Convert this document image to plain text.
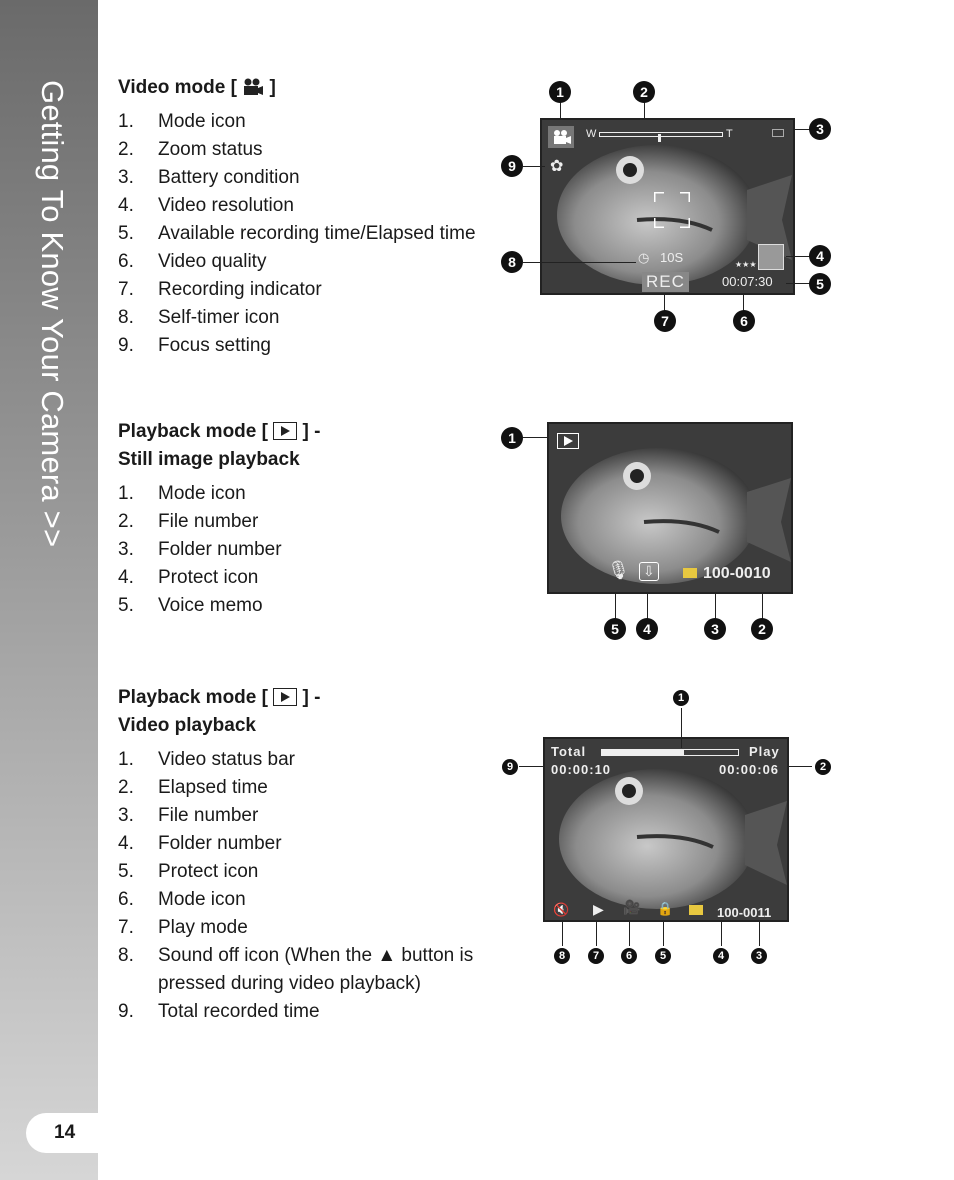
Getting To Know Your Camera >>
14
Video mode [  ]
1. Mode icon
2. Zoom status
3. Battery condition
4. Video resolution
5. Available recording time/Elapsed time
6. Video quality
7. Recording indicator
8. Self-timer icon
9. Focus setting
W	T
✿
◷ 10S	★★★
REC	00:07:30
1	2
3
9
8	4
5
7	6
Playback mode [  ] -
Still image playback
1. Mode icon
2. File number
3. Folder number
4. Protect icon
5. Voice memo
🎙 ⇩	100-0010
1
5	4	3	2
Playback mode [  ] -
Video playback
1. Video status bar
2. Elapsed time
3. File number
4. Folder number
5. Protect icon
6. Mode icon
7. Play mode
8. Sound off icon (When the ▲ button is pressed during video playback)
9. Total recorded time
Total	Play
00:00:10	00:00:06
🔇 ▶ 🎥 🔒	100-0011
1
9	2
8	7	6	5	4	3
